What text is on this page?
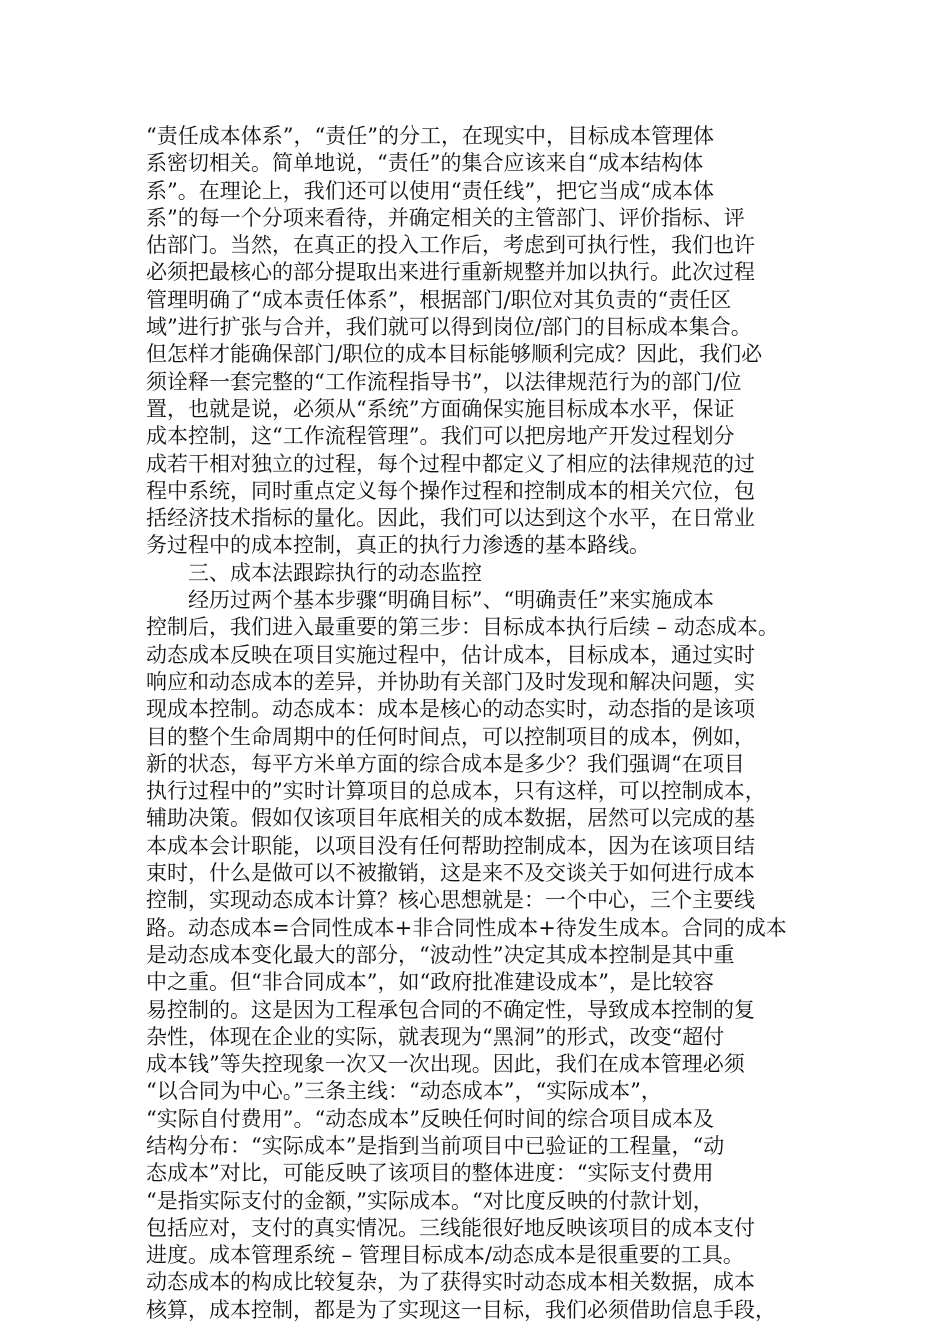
“责任成本体系”，“责任”的分工，在现实中，目标成本管理体
系密切相关。简单地说，“责任”的集合应该来自“成本结构体
系”。在理论上，我们还可以使用“责任线”，把它当成“成本体
系”的每一个分项来看待，并确定相关的主管部门、评价指标、评
估部门。当然，在真正的投入工作后，考虑到可执行性，我们也许
必须把最核心的部分提取出来进行重新规整并加以执行。此次过程
管理明确了“成本责任体系”，根据部门/职位对其负责的“责任区
域”进行扩张与合并，我们就可以得到岗位/部门的目标成本集合。
但怎样才能确保部门/职位的成本目标能够顺利完成？因此，我们必
须诠释一套完整的“工作流程指导书”，以法律规范行为的部门/位
置，也就是说，必须从“系统”方面确保实施目标成本水平，保证
成本控制，这“工作流程管理”。我们可以把房地产开发过程划分
成若干相对独立的过程，每个过程中都定义了相应的法律规范的过
程中系统，同时重点定义每个操作过程和控制成本的相关穴位，包
括经济技术指标的量化。因此，我们可以达到这个水平，在日常业
务过程中的成本控制，真正的执行力渗透的基本路线。
三、成本法跟踪执行的动态监控
经历过两个基本步骤“明确目标”、“明确责任”来实施成本
控制后，我们进入最重要的第三步：目标成本执行后续 – 动态成本。
动态成本反映在项目实施过程中，估计成本，目标成本，通过实时
响应和动态成本的差异，并协助有关部门及时发现和解决问题，实
现成本控制。动态成本：成本是核心的动态实时，动态指的是该项
目的整个生命周期中的任何时间点，可以控制项目的成本，例如，
新的状态，每平方米单方面的综合成本是多少？我们强调“在项目
执行过程中的”实时计算项目的总成本，只有这样，可以控制成本，
辅助决策。假如仅该项目年底相关的成本数据，居然可以完成的基
本成本会计职能，以项目没有任何帮助控制成本，因为在该项目结
束时，什么是做可以不被撤销，这是来不及交谈关于如何进行成本
控制，实现动态成本计算？核心思想就是：一个中心，三个主要线
路。动态成本=合同性成本+非合同性成本+待发生成本。合同的成本
是动态成本变化最大的部分，“波动性”决定其成本控制是其中重
中之重。但“非合同成本”，如“政府批准建设成本”，是比较容
易控制的。这是因为工程承包合同的不确定性，导致成本控制的复
杂性，体现在企业的实际，就表现为“黑洞”的形式，改变“超付
成本钱”等失控现象一次又一次出现。因此，我们在成本管理必须
“以合同为中心。”三条主线：“动态成本”，“实际成本”，
“实际自付费用”。“动态成本”反映任何时间的综合项目成本及
结构分布：“实际成本”是指到当前项目中已验证的工程量，“动
态成本”对比，可能反映了该项目的整体进度：“实际支付费用
“是指实际支付的金额，”实际成本。“对比度反映的付款计划，
包括应对，支付的真实情况。三线能很好地反映该项目的成本支付
进度。成本管理系统 – 管理目标成本/动态成本是很重要的工具。
动态成本的构成比较复杂，为了获得实时动态成本相关数据，成本
核算，成本控制，都是为了实现这一目标，我们必须借助信息手段，
